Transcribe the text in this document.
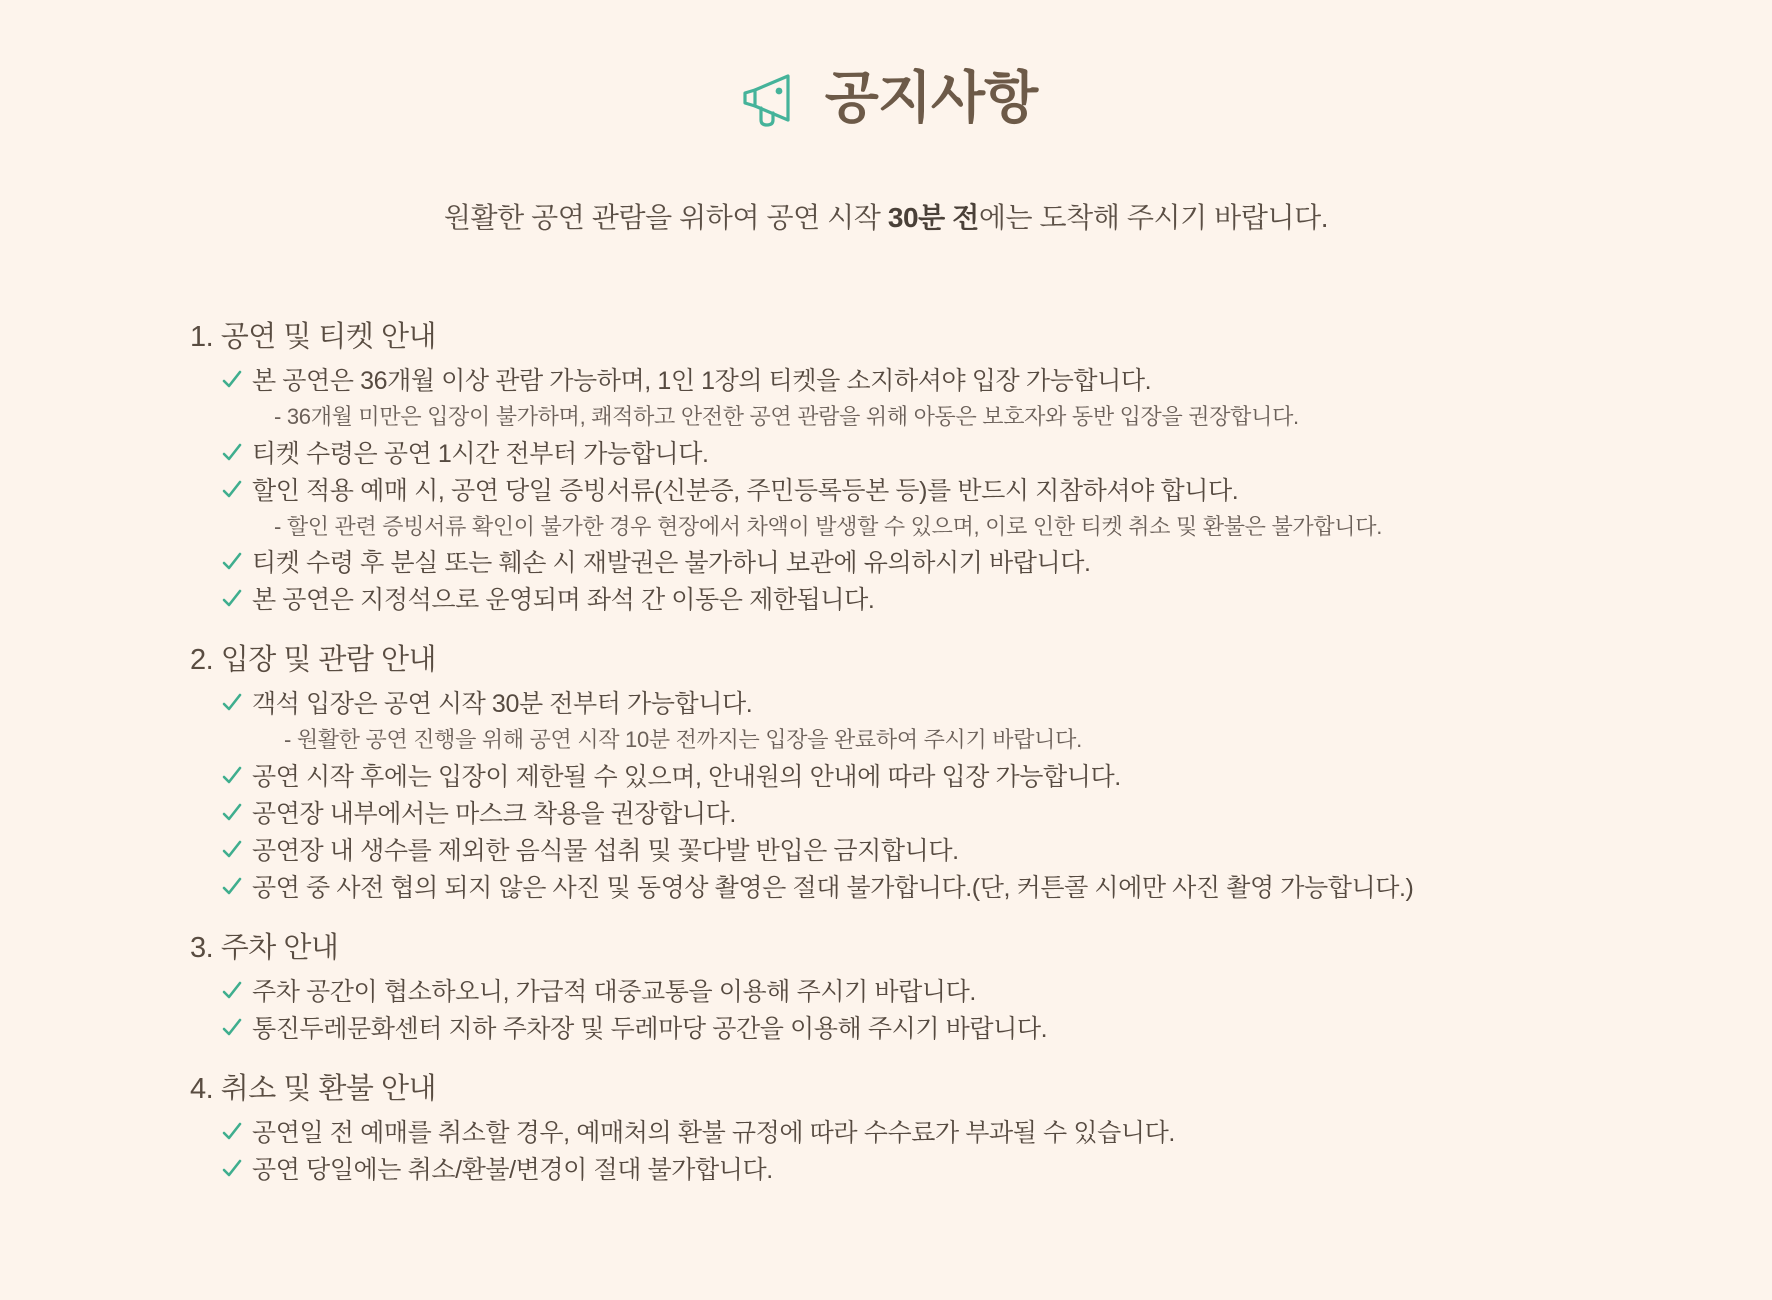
공지사항
원활한 공연 관람을 위하여 공연 시작 30분 전에는 도착해 주시기 바랍니다.
1. 공연 및 티켓 안내
본 공연은 36개월 이상 관람 가능하며, 1인 1장의 티켓을 소지하셔야 입장 가능합니다.
- 36개월 미만은 입장이 불가하며, 쾌적하고 안전한 공연 관람을 위해 아동은 보호자와 동반 입장을 권장합니다.
티켓 수령은 공연 1시간 전부터 가능합니다.
할인 적용 예매 시, 공연 당일 증빙서류(신분증, 주민등록등본 등)를 반드시 지참하셔야 합니다.
- 할인 관련 증빙서류 확인이 불가한 경우 현장에서 차액이 발생할 수 있으며, 이로 인한 티켓 취소 및 환불은 불가합니다.
티켓 수령 후 분실 또는 훼손 시 재발권은 불가하니 보관에 유의하시기 바랍니다.
본 공연은 지정석으로 운영되며 좌석 간 이동은 제한됩니다.
2. 입장 및 관람 안내
객석 입장은 공연 시작 30분 전부터 가능합니다.
- 원활한 공연 진행을 위해 공연 시작 10분 전까지는 입장을 완료하여 주시기 바랍니다.
공연 시작 후에는 입장이 제한될 수 있으며, 안내원의 안내에 따라 입장 가능합니다.
공연장 내부에서는 마스크 착용을 권장합니다.
공연장 내 생수를 제외한 음식물 섭취 및 꽃다발 반입은 금지합니다.
공연 중 사전 협의 되지 않은 사진 및 동영상 촬영은 절대 불가합니다.(단, 커튼콜 시에만 사진 촬영 가능합니다.)
3. 주차 안내
주차 공간이 협소하오니, 가급적 대중교통을 이용해 주시기 바랍니다.
통진두레문화센터 지하 주차장 및 두레마당 공간을 이용해 주시기 바랍니다.
4. 취소 및 환불 안내
공연일 전 예매를 취소할 경우, 예매처의 환불 규정에 따라 수수료가 부과될 수 있습니다.
공연 당일에는 취소/환불/변경이 절대 불가합니다.
